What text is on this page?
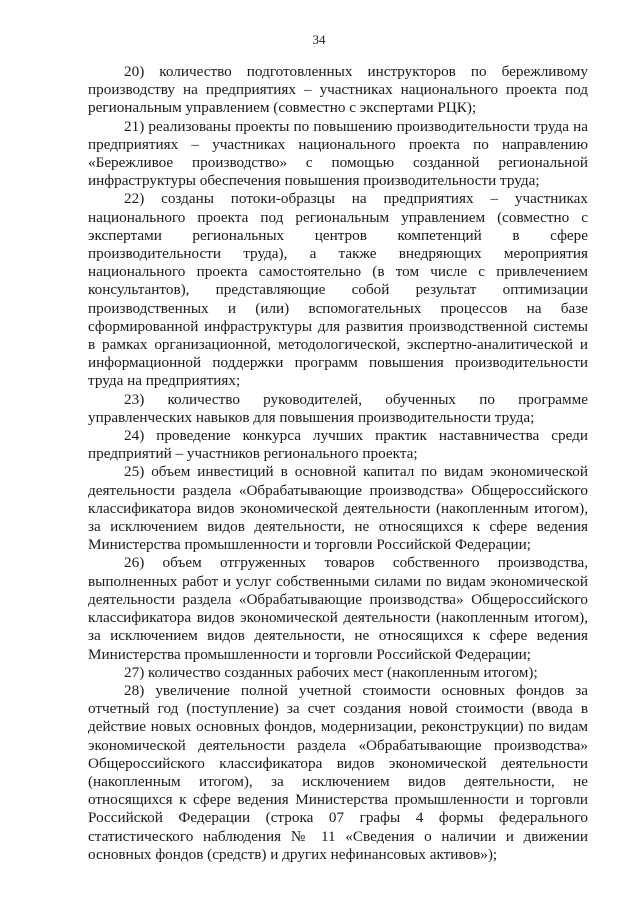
34

20) количество подготовленных инструкторов по бережливому производству на предприятиях – участниках национального проекта под региональным управлением (совместно с экспертами РЦК);

21) реализованы проекты по повышению производительности труда на предприятиях – участниках национального проекта по направлению «Бережливое производство» с помощью созданной региональной инфраструктуры обеспечения повышения производительности труда;

22) созданы потоки-образцы на предприятиях – участниках национального проекта под региональным управлением (совместно с экспертами региональных центров компетенций в сфере производительности труда), а также внедряющих мероприятия национального проекта самостоятельно (в том числе с привлечением консультантов), представляющие собой результат оптимизации производственных и (или) вспомогательных процессов на базе сформированной инфраструктуры для развития производственной системы в рамках организационной, методологической, экспертно-аналитической и информационной поддержки программ повышения производительности труда на предприятиях;

23) количество руководителей, обученных по программе управленческих навыков для повышения производительности труда;

24) проведение конкурса лучших практик наставничества среди предприятий – участников регионального проекта;

25) объем инвестиций в основной капитал по видам экономической деятельности раздела «Обрабатывающие производства» Общероссийского классификатора видов экономической деятельности (накопленным итогом), за исключением видов деятельности, не относящихся к сфере ведения Министерства промышленности и торговли Российской Федерации;

26) объем отгруженных товаров собственного производства, выполненных работ и услуг собственными силами по видам экономической деятельности раздела «Обрабатывающие производства» Общероссийского классификатора видов экономической деятельности (накопленным итогом), за исключением видов деятельности, не относящихся к сфере ведения Министерства промышленности и торговли Российской Федерации;

27) количество созданных рабочих мест (накопленным итогом);

28) увеличение полной учетной стоимости основных фондов за отчетный год (поступление) за счет создания новой стоимости (ввода в действие новых основных фондов, модернизации, реконструкции) по видам экономической деятельности раздела «Обрабатывающие производства» Общероссийского классификатора видов экономической деятельности (накопленным итогом), за исключением видов деятельности, не относящихся к сфере ведения Министерства промышленности и торговли Российской Федерации (строка 07 графы 4 формы федерального статистического наблюдения № 11 «Сведения о наличии и движении основных фондов (средств) и других нефинансовых активов»);
